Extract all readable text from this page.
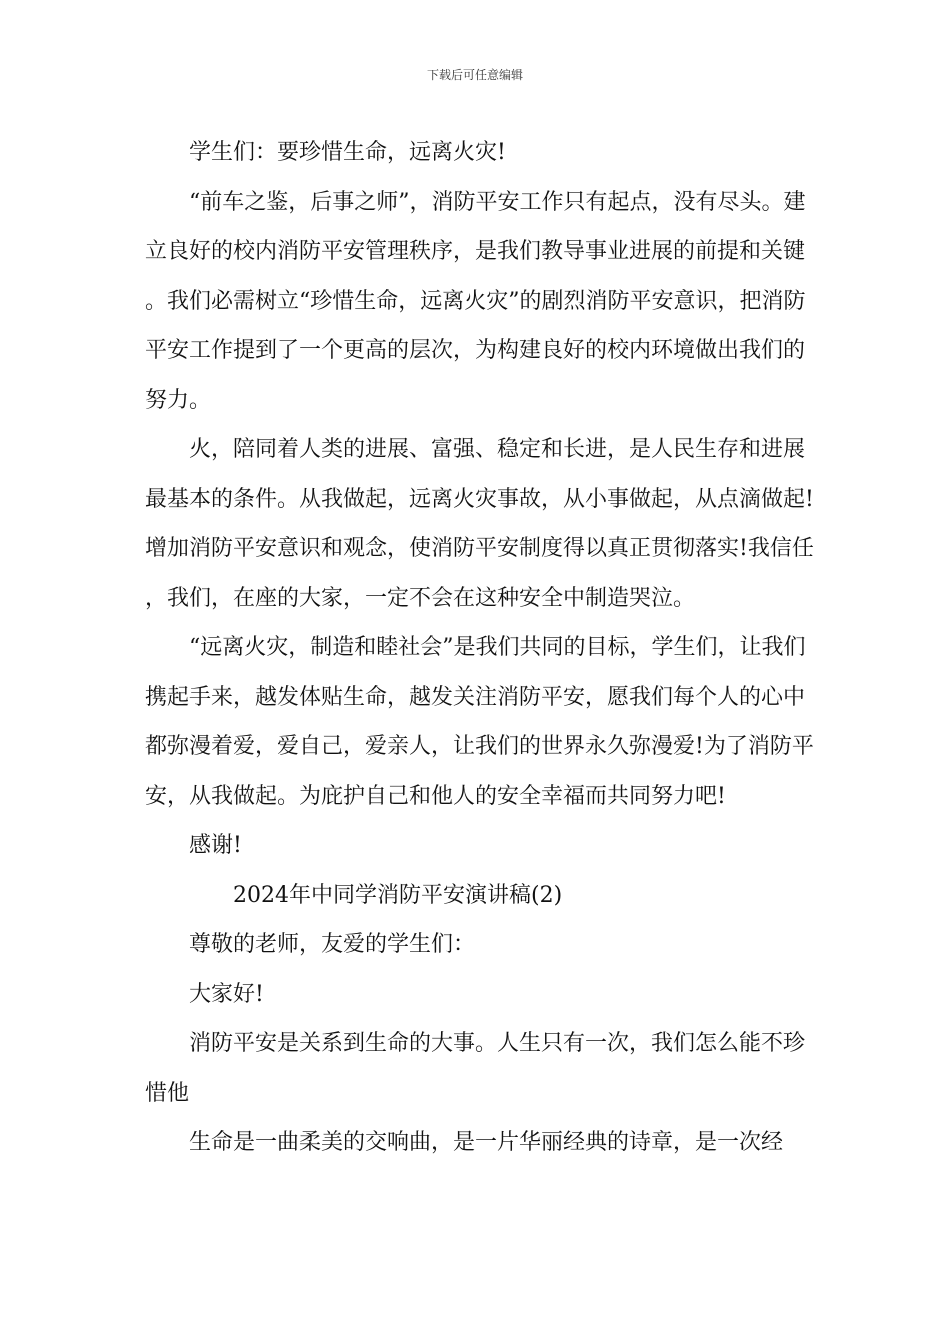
下载后可任意编辑

学生们：要珍惜生命，远离火灾!

“前车之鉴，后事之师”，消防平安工作只有起点，没有尽头。建立良好的校内消防平安管理秩序，是我们教导事业进展的前提和关键。我们必需树立“珍惜生命，远离火灾”的剧烈消防平安意识，把消防平安工作提到了一个更高的层次，为构建良好的校内环境做出我们的努力。

火，陪同着人类的进展、富强、稳定和长进，是人民生存和进展最基本的条件。从我做起，远离火灾事故，从小事做起，从点滴做起!增加消防平安意识和观念，使消防平安制度得以真正贯彻落实!我信任，我们，在座的大家，一定不会在这种安全中制造哭泣。

“远离火灾，制造和睦社会”是我们共同的目标，学生们，让我们携起手来，越发体贴生命，越发关注消防平安，愿我们每个人的心中都弥漫着爱，爱自己，爱亲人，让我们的世界永久弥漫爱!为了消防平安，从我做起。为庇护自己和他人的安全幸福而共同努力吧!

感谢!

2024年中同学消防平安演讲稿(2)

尊敬的老师，友爱的学生们：

大家好!

消防平安是关系到生命的大事。人生只有一次，我们怎么能不珍惜他

生命是一曲柔美的交响曲，是一片华丽经典的诗章，是一次经
